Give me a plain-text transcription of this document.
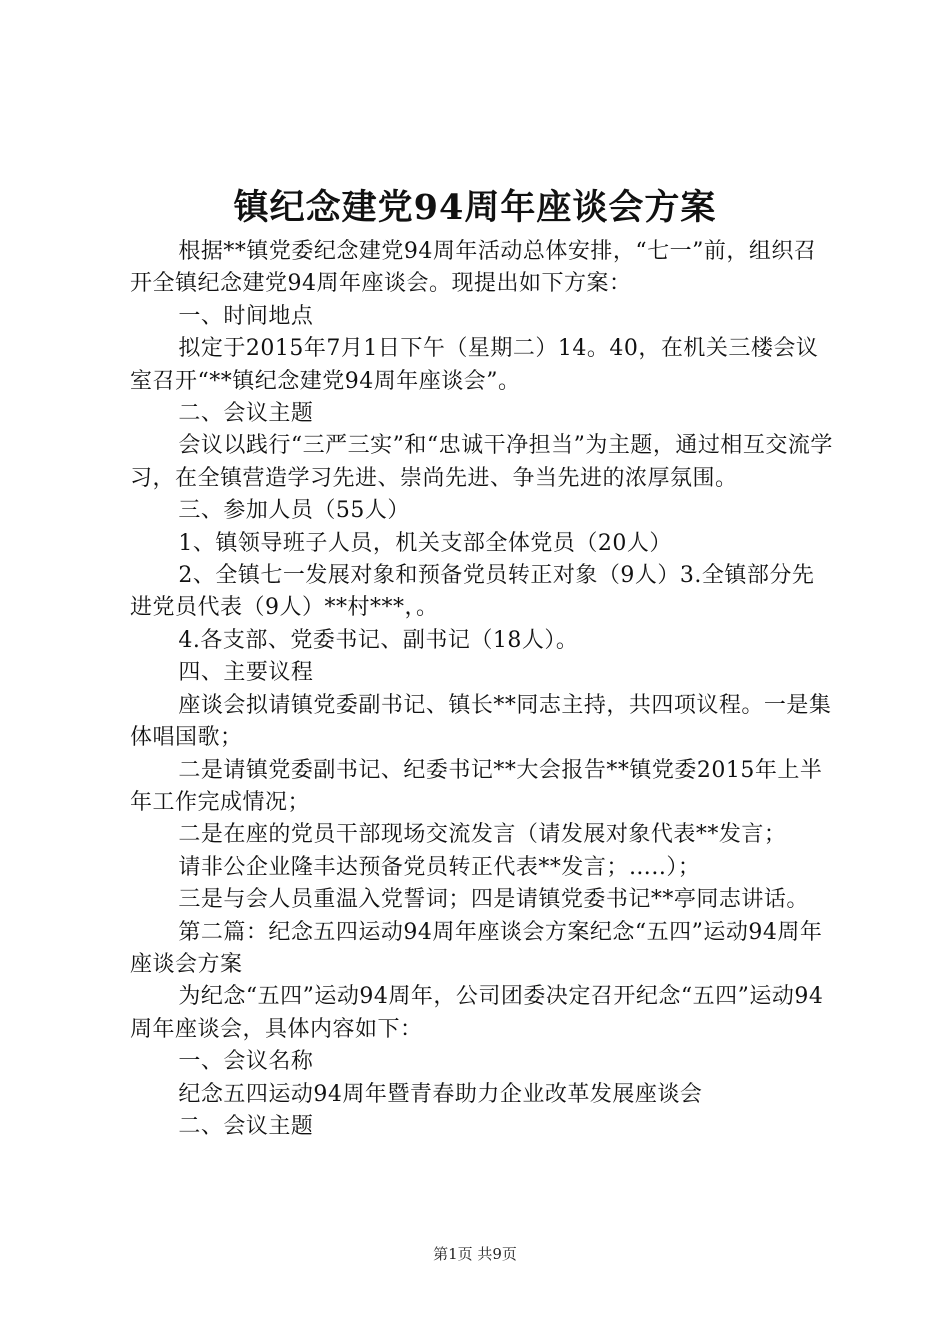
镇纪念建党94周年座谈会方案

根据**镇党委纪念建党94周年活动总体安排，“七一”前，组织召开全镇纪念建党94周年座谈会。现提出如下方案：

一、时间地点

拟定于2015年7月1日下午（星期二）14。40，在机关三楼会议室召开“**镇纪念建党94周年座谈会”。

二、会议主题

会议以践行“三严三实”和“忠诚干净担当”为主题，通过相互交流学习，在全镇营造学习先进、崇尚先进、争当先进的浓厚氛围。

三、参加人员（55人）

1、镇领导班子人员，机关支部全体党员（20人）

2、全镇七一发展对象和预备党员转正对象（9人）3.全镇部分先进党员代表（9人）**村***，。

4.各支部、党委书记、副书记（18人）。

四、主要议程

座谈会拟请镇党委副书记、镇长**同志主持，共四项议程。一是集体唱国歌；

二是请镇党委副书记、纪委书记**大会报告**镇党委2015年上半年工作完成情况；

二是在座的党员干部现场交流发言（请发展对象代表**发言；

请非公企业隆丰达预备党员转正代表**发言；…..）；

三是与会人员重温入党誓词；四是请镇党委书记**亭同志讲话。

第二篇：纪念五四运动94周年座谈会方案纪念“五四”运动94周年座谈会方案

为纪念“五四”运动94周年，公司团委决定召开纪念“五四”运动94周年座谈会，具体内容如下：

一、会议名称

纪念五四运动94周年暨青春助力企业改革发展座谈会

二、会议主题

第1页 共9页
